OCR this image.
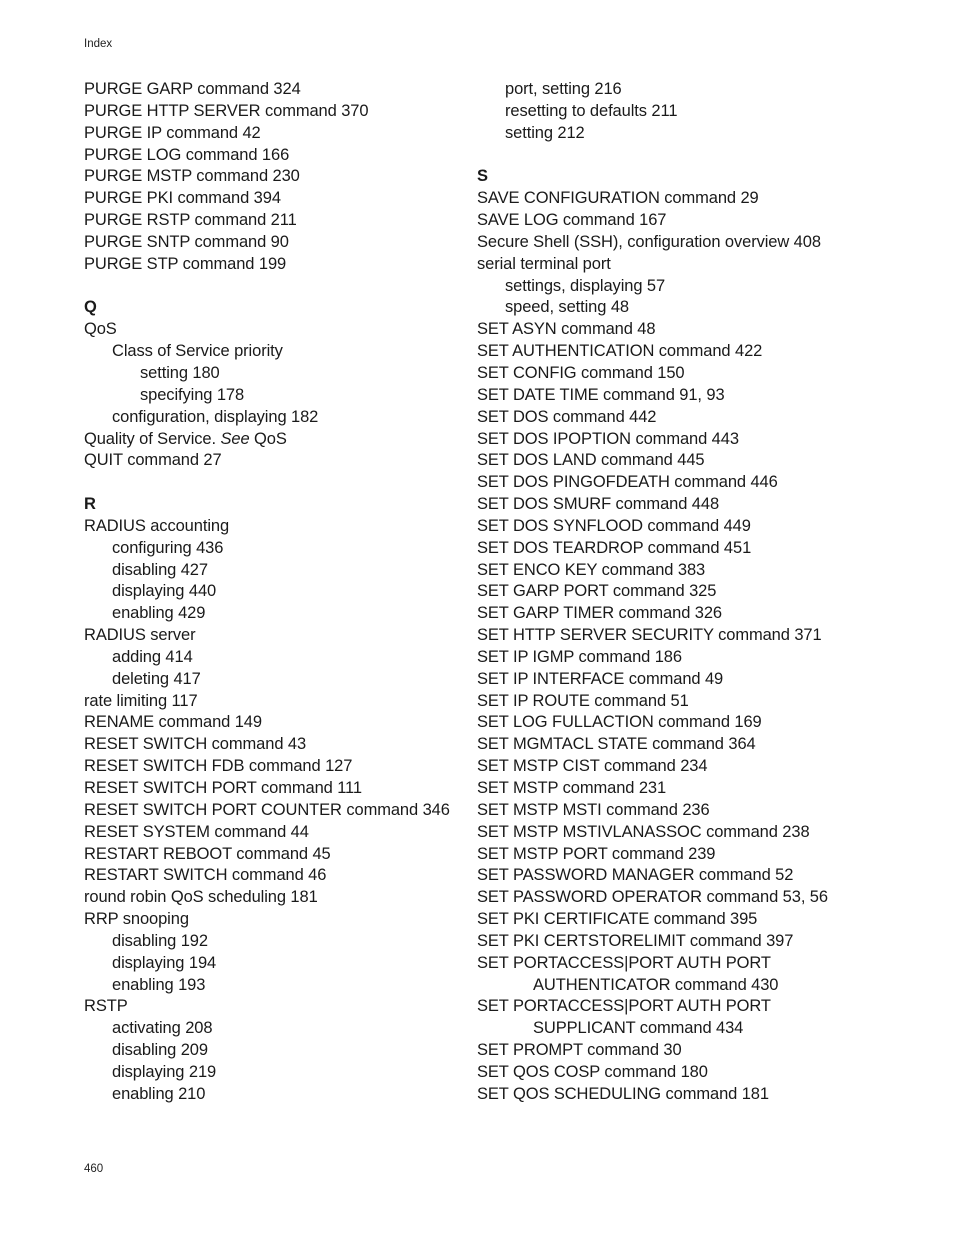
Index
PURGE GARP command 324
PURGE HTTP SERVER command 370
PURGE IP command 42
PURGE LOG command 166
PURGE MSTP command 230
PURGE PKI command 394
PURGE RSTP command 211
PURGE SNTP command 90
PURGE STP command 199
Q
QoS
Class of Service priority
setting 180
specifying 178
configuration, displaying 182
Quality of Service. See QoS
QUIT command 27
R
RADIUS accounting
configuring 436
disabling 427
displaying 440
enabling 429
RADIUS server
adding 414
deleting 417
rate limiting 117
RENAME command 149
RESET SWITCH command 43
RESET SWITCH FDB command 127
RESET SWITCH PORT command 111
RESET SWITCH PORT COUNTER command 346
RESET SYSTEM command 44
RESTART REBOOT command 45
RESTART SWITCH command 46
round robin QoS scheduling 181
RRP snooping
disabling 192
displaying 194
enabling 193
RSTP
activating 208
disabling 209
displaying 219
enabling 210
port, setting 216
resetting to defaults 211
setting 212
S
SAVE CONFIGURATION command 29
SAVE LOG command 167
Secure Shell (SSH), configuration overview 408
serial terminal port
settings, displaying 57
speed, setting 48
SET ASYN command 48
SET AUTHENTICATION command 422
SET CONFIG command 150
SET DATE TIME command 91, 93
SET DOS command 442
SET DOS IPOPTION command 443
SET DOS LAND command 445
SET DOS PINGOFDEATH command 446
SET DOS SMURF command 448
SET DOS SYNFLOOD command 449
SET DOS TEARDROP command 451
SET ENCO KEY command 383
SET GARP PORT command 325
SET GARP TIMER command 326
SET HTTP SERVER SECURITY command 371
SET IP IGMP command 186
SET IP INTERFACE command 49
SET IP ROUTE command 51
SET LOG FULLACTION command 169
SET MGMTACL STATE command 364
SET MSTP CIST command 234
SET MSTP command 231
SET MSTP MSTI command 236
SET MSTP MSTIVLANASSOC command 238
SET MSTP PORT command 239
SET PASSWORD MANAGER command 52
SET PASSWORD OPERATOR command 53, 56
SET PKI CERTIFICATE command 395
SET PKI CERTSTORELIMIT command 397
SET PORTACCESS|PORT AUTH PORT
AUTHENTICATOR command 430
SET PORTACCESS|PORT AUTH PORT
SUPPLICANT command 434
SET PROMPT command 30
SET QOS COSP command 180
SET QOS SCHEDULING command 181
460
